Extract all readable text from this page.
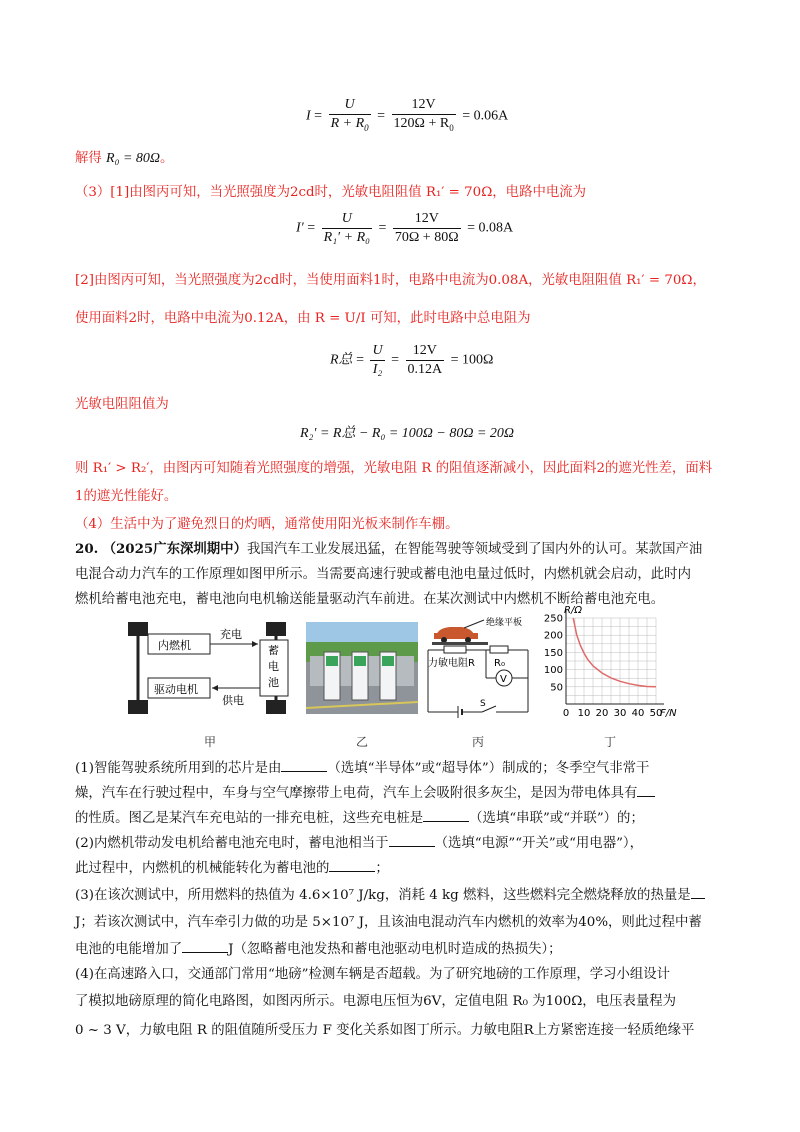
$I = \frac{U}{R + R_0} = \frac{12V}{120\Omega + R_0} = 0.06A$
解得 R₀ = 80Ω。
（3）[1]由图丙可知，当光照强度为2cd时，光敏电阻阻值 R₁′ = 70Ω，电路中电流为
$I' = \frac{U}{\text{R₁′ + R₀}} = \frac{12V}{70\Omega + 80\Omega} = 0.08A$
[2]由图丙可知，当光照强度为2cd时，当使用面料1时，电路中电流为0.08A，光敏电阻阻值 R₁′ = 70Ω，
使用面料2时，电路中电流为0.12A，由 R = U/I 可知，此时电路中总电阻为
R总 = $\frac{U}{\text{I₂}} = \frac{12V}{0.12A} = 100\Omega$
光敏电阻阻值为
R₂′ = R总 − R₀ = 100Ω − 80Ω = 20Ω
则 R₁′ > R₂′，由图丙可知随着光照强度的增强，光敏电阻 R 的阻值逐渐减小，因此面料2的遮光性差，面料
1的遮光性能好。
（4）生活中为了避免烈日的灼晒，通常使用阳光板来制作车棚。
20. （2025广东深圳期中）我国汽车工业发展迅猛，在智能驾驶等领域受到了国内外的认可。某款国产油
电混合动力汽车的工作原理如图甲所示。当需要高速行驶或蓄电池电量过低时，内燃机就会启动，此时内
燃机给蓄电池充电，蓄电池向电机输送能量驱动汽车前进。在某次测试中内燃机不断给蓄电池充电。
内燃机
驱动电机
蓄
电
池
充电
供电
甲	乙
绝缘平板
力敏电阻R R₀
V
S
丙
0 10 20 30 40 50
50
100
150
200
250
R/Ω
F/N
丁
(1)智能驾驶系统所用到的芯片是由	（选填“半导体”或“超导体”）制成的；冬季空气非常干
燥，汽车在行驶过程中，车身与空气摩擦带上电荷，汽车上会吸附很多灰尘，是因为带电体具有
的性质。图乙是某汽车充电站的一排充电桩，这些充电桩是	（选填“串联”或“并联”）的；
(2)内燃机带动发电机给蓄电池充电时，蓄电池相当于	（选填“电源”“开关”或“用电器”），
此过程中，内燃机的机械能转化为蓄电池的	；
(3)在该次测试中，所用燃料的热值为 4.6×10⁷ J/kg，消耗 4 kg 燃料，这些燃料完全燃烧释放的热量是
J；若该次测试中，汽车牵引力做的功是 5×10⁷ J，且该油电混动汽车内燃机的效率为40%，则此过程中蓄
电池的电能增加了	J（忽略蓄电池发热和蓄电池驱动电机时造成的热损失）；
(4)在高速路入口，交通部门常用“地磅”检测车辆是否超载。为了研究地磅的工作原理，学习小组设计
了模拟地磅原理的简化电路图，如图丙所示。电源电压恒为6V，定值电阻 R₀ 为100Ω，电压表量程为
0 ~ 3 V，力敏电阻 R 的阻值随所受压力 F 变化关系如图丁所示。力敏电阻R上方紧密连接一轻质绝缘平
